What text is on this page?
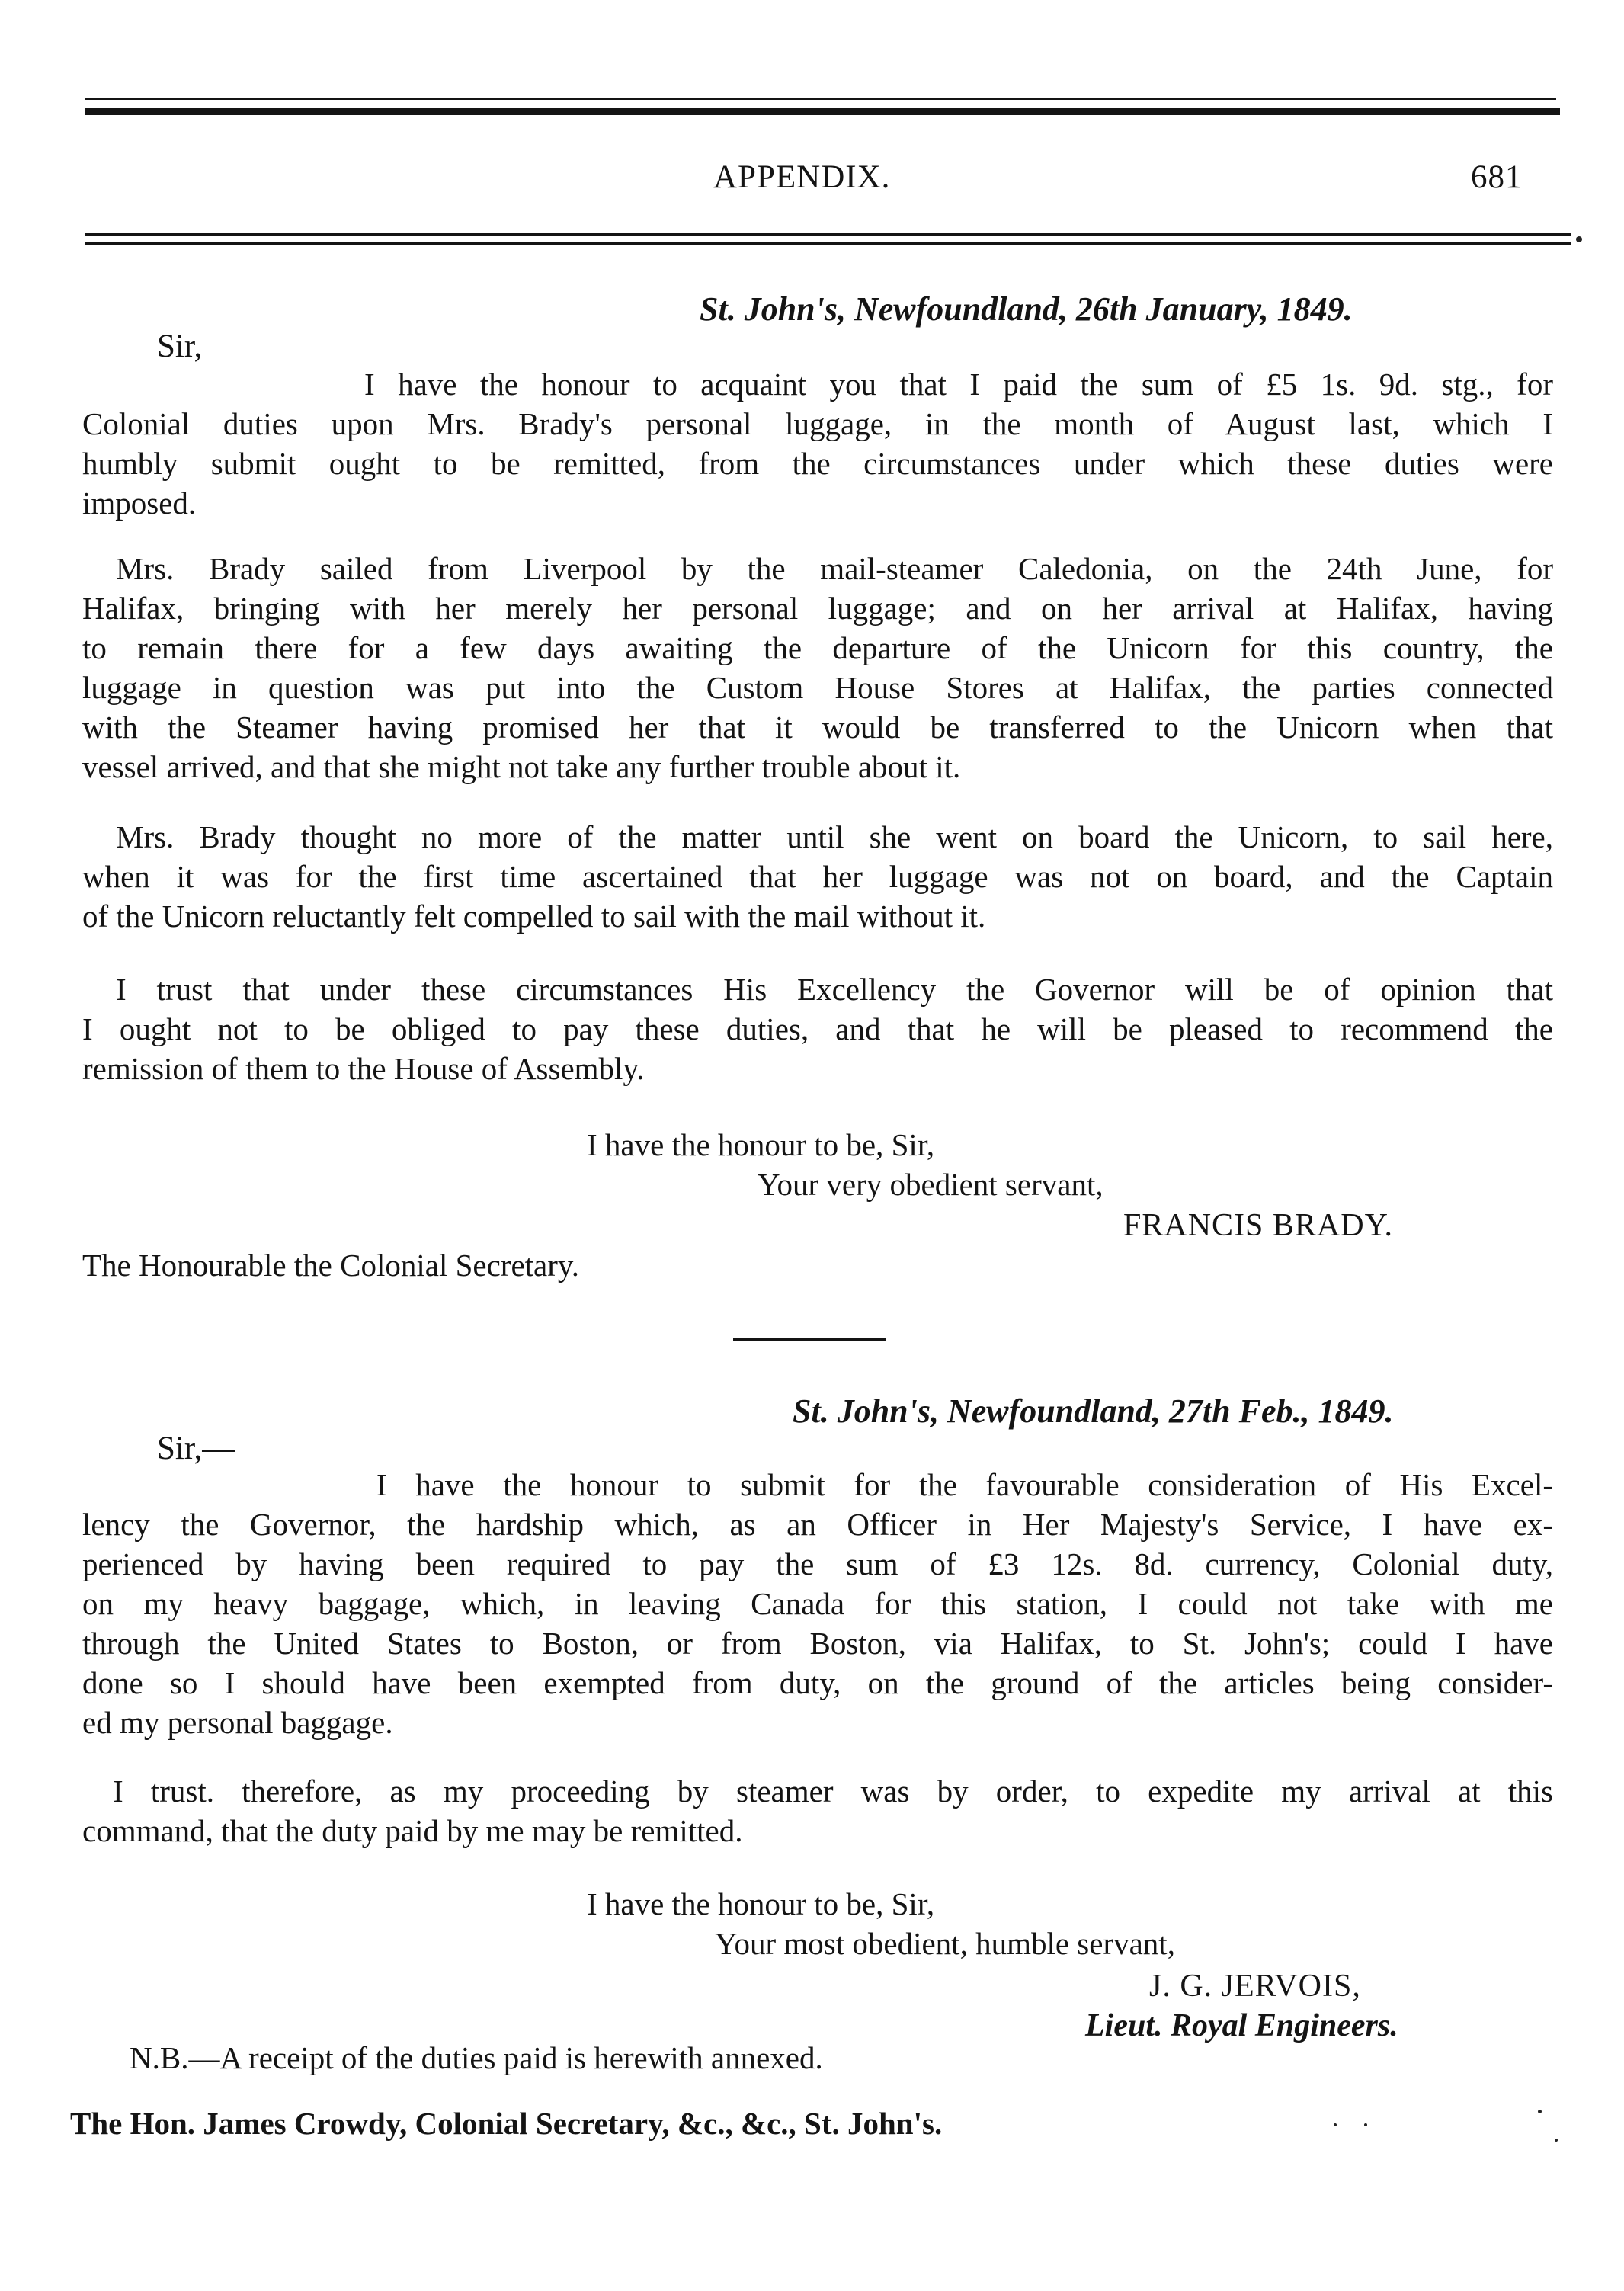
APPENDIX.	681
St. John's, Newfoundland, 26th January, 1849.
Sir,
I have the honour to acquaint you that I paid the sum of £5 1s. 9d. stg., for
Colonial duties upon Mrs. Brady's personal luggage, in the month of August last, which I
humbly submit ought to be remitted, from the circumstances under which these duties were
imposed.
Mrs. Brady sailed from Liverpool by the mail-steamer Caledonia, on the 24th June, for
Halifax, bringing with her merely her personal luggage; and on her arrival at Halifax, having
to remain there for a few days awaiting the departure of the Unicorn for this country, the
luggage in question was put into the Custom House Stores at Halifax, the parties connected
with the Steamer having promised her that it would be transferred to the Unicorn when that
vessel arrived, and that she might not take any further trouble about it.
Mrs. Brady thought no more of the matter until she went on board the Unicorn, to sail here,
when it was for the first time ascertained that her luggage was not on board, and the Captain
of the Unicorn reluctantly felt compelled to sail with the mail without it.
I trust that under these circumstances His Excellency the Governor will be of opinion that
I ought not to be obliged to pay these duties, and that he will be pleased to recommend the
remission of them to the House of Assembly.
I have the honour to be, Sir,
Your very obedient servant,
FRANCIS BRADY.
The Honourable the Colonial Secretary.
St. John's, Newfoundland, 27th Feb., 1849.
Sir,—
I have the honour to submit for the favourable consideration of His Excel-
lency the Governor, the hardship which, as an Officer in Her Majesty's Service, I have ex-
perienced by having been required to pay the sum of £3 12s. 8d. currency, Colonial duty,
on my heavy baggage, which, in leaving Canada for this station, I could not take with me
through the United States to Boston, or from Boston, via Halifax, to St. John's; could I have
done so I should have been exempted from duty, on the ground of the articles being consider-
ed my personal baggage.
I trust. therefore, as my proceeding by steamer was by order, to expedite my arrival at this
command, that the duty paid by me may be remitted.
I have the honour to be, Sir,
Your most obedient, humble servant,
J. G. JERVOIS,
Lieut. Royal Engineers.
N.B.—A receipt of the duties paid is herewith annexed.
The Hon. James Crowdy, Colonial Secretary, &c., &c., St. John's.
